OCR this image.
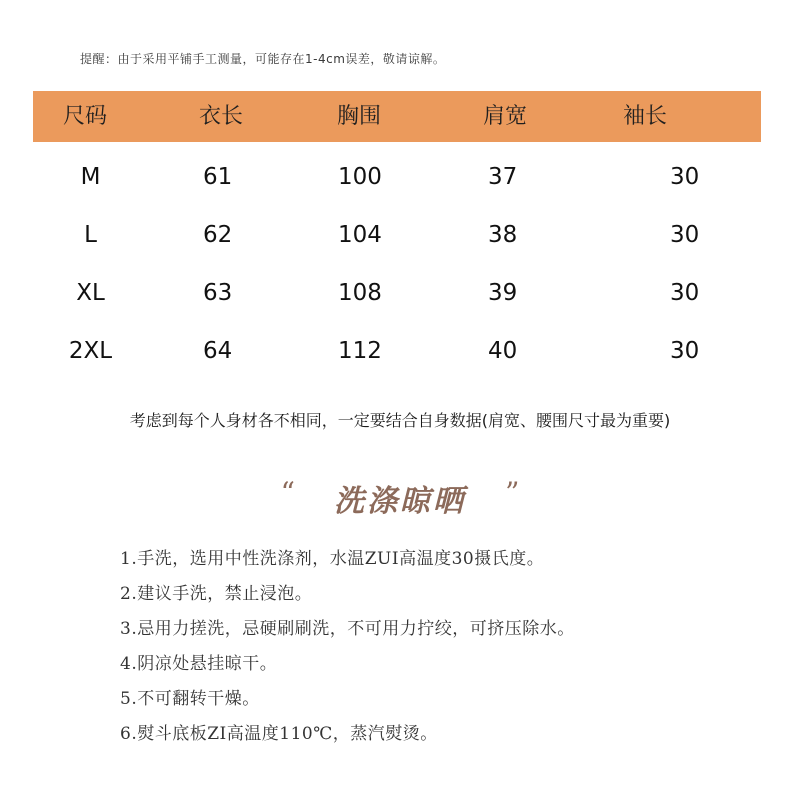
提醒：由于采用平铺手工测量，可能存在1-4cm误差，敬请谅解。
尺码	衣长	胸围	肩宽	袖长
M	61	100	37	30
L	62	104	38	30
XL	63	108	39	30
2XL	64	112	40	30
考虑到每个人身材各不相同，一定要结合自身数据(肩宽、腰围尺寸最为重要)
“ 洗涤晾晒 ”
1.手洗，选用中性洗涤剂，水温ZUI高温度30摄氏度。
2.建议手洗，禁止浸泡。
3.忌用力搓洗，忌硬刷刷洗，不可用力拧绞，可挤压除水。
4.阴凉处悬挂晾干。
5.不可翻转干燥。
6.熨斗底板ZI高温度110℃，蒸汽熨烫。
